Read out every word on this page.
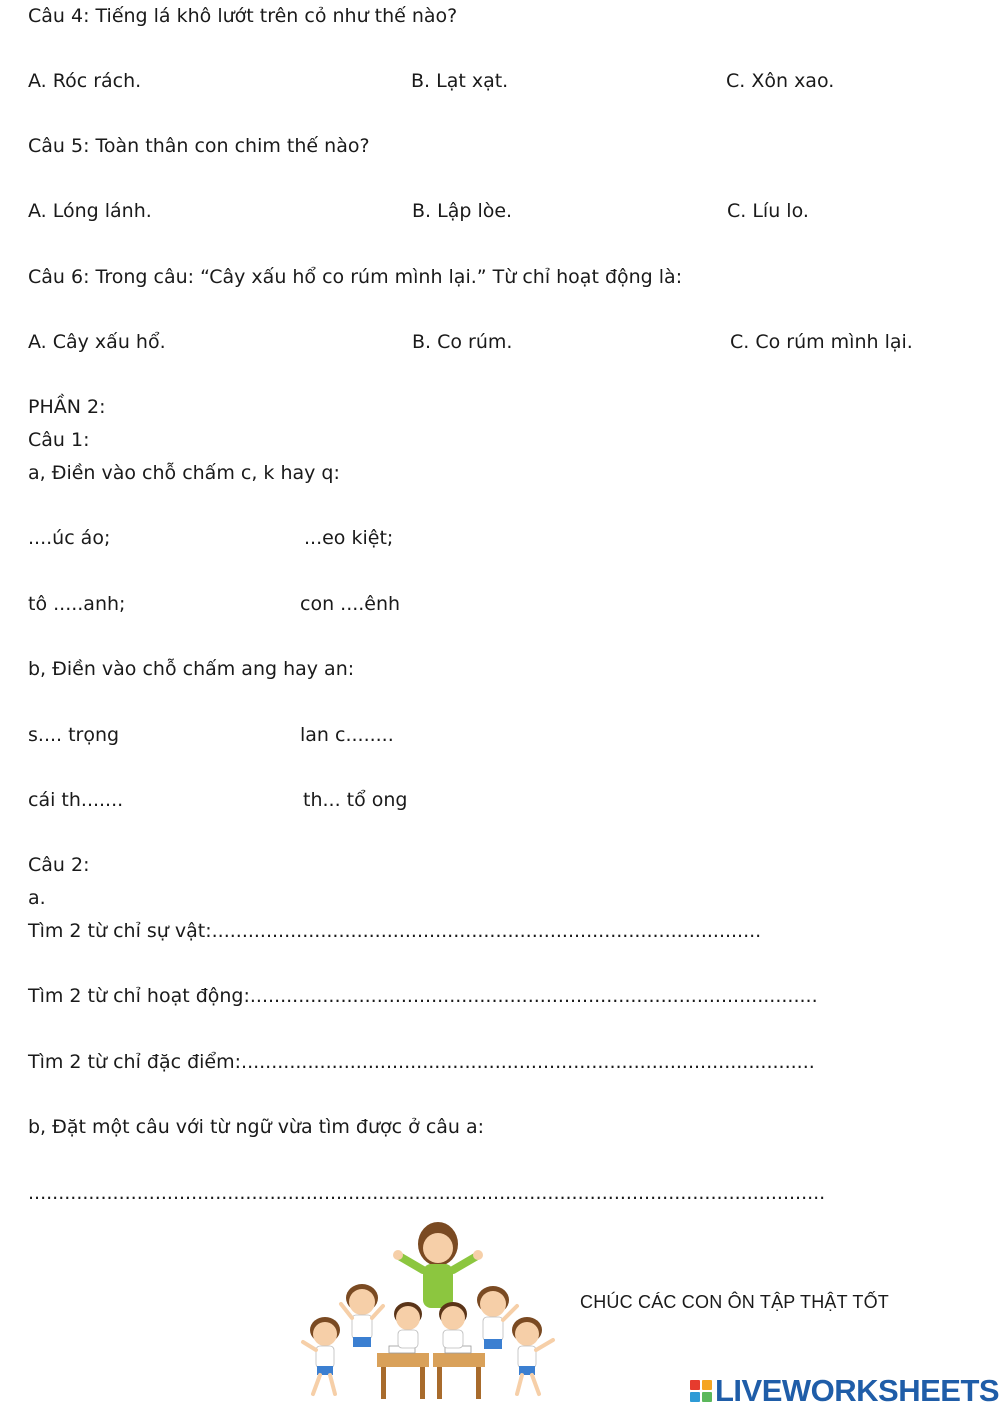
Câu 4: Tiếng lá khô lướt trên cỏ như thế nào?
A. Róc rách.	B. Lạt xạt.	C. Xôn xao.
Câu 5: Toàn thân con chim thế nào?
A. Lóng lánh.	B. Lập lòe.	C. Líu lo.
Câu 6: Trong câu: “Cây xấu hổ co rúm mình lại.” Từ chỉ hoạt động là:
A. Cây xấu hổ.	B. Co rúm.	C. Co rúm mình lại.
PHẦN 2:
Câu 1:
a, Điền vào chỗ chấm c, k hay q:
....úc áo;	...eo kiệt;
tô .....anh;	con ....ênh
b, Điền vào chỗ chấm ang hay an:
s.... trọng	lan c........
cái th.......	th... tổ ong
Câu 2:
a.
Tìm 2 từ chỉ sự vật:...........................................................................................
Tìm 2 từ chỉ hoạt động:..............................................................................................
Tìm 2 từ chỉ đặc điểm:...............................................................................................
b, Đặt một câu với từ ngữ vừa tìm được ở câu a:
....................................................................................................................................
CHÚC CÁC CON ÔN TẬP THẬT TỐT
LIVEWORKSHEETS
